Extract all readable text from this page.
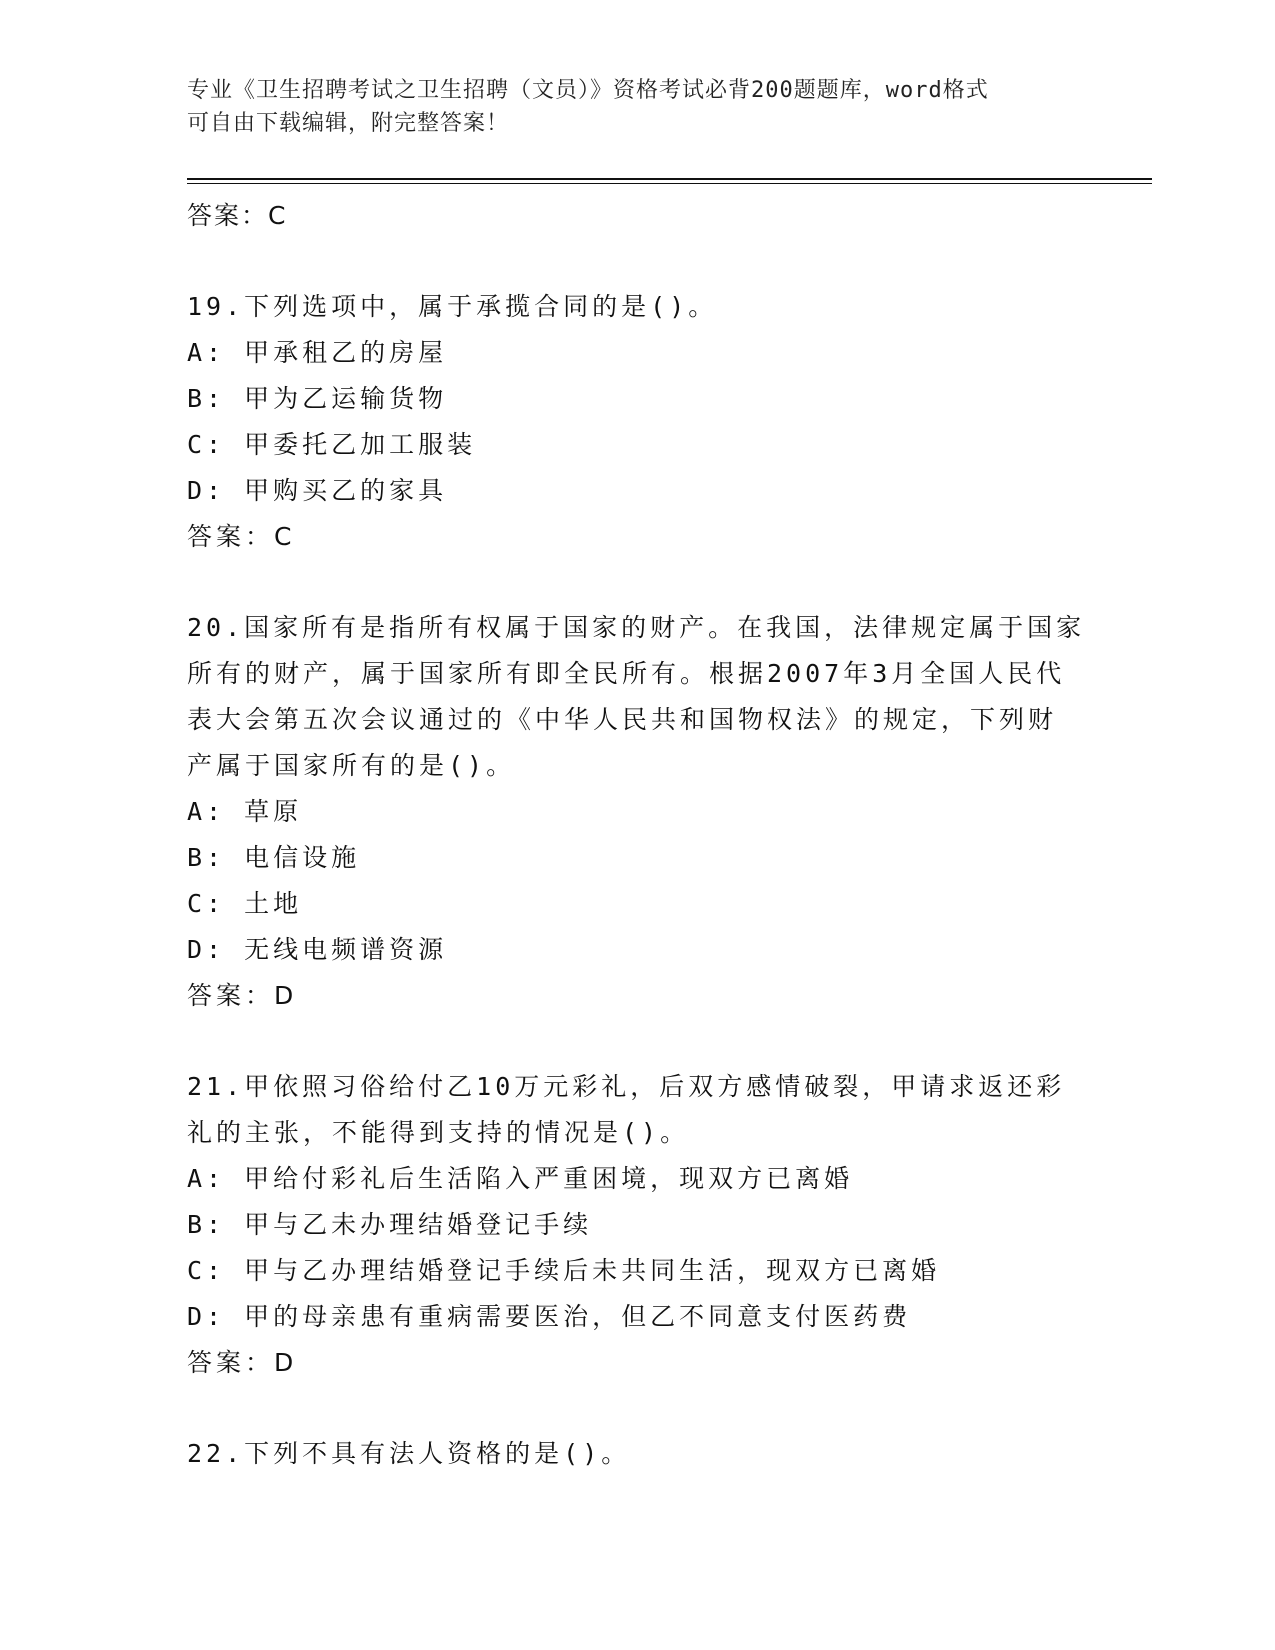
专业《卫生招聘考试之卫生招聘（文员）》资格考试必背200题题库，word格式
可自由下载编辑，附完整答案！
答案：C
19.下列选项中，属于承揽合同的是()。
A: 甲承租乙的房屋
B: 甲为乙运输货物
C: 甲委托乙加工服装
D: 甲购买乙的家具
答案：C
20.国家所有是指所有权属于国家的财产。在我国，法律规定属于国家
所有的财产，属于国家所有即全民所有。根据2007年3月全国人民代
表大会第五次会议通过的《中华人民共和国物权法》的规定，下列财
产属于国家所有的是()。
A: 草原
B: 电信设施
C: 土地
D: 无线电频谱资源
答案：D
21.甲依照习俗给付乙10万元彩礼，后双方感情破裂，甲请求返还彩
礼的主张，不能得到支持的情况是()。
A: 甲给付彩礼后生活陷入严重困境，现双方已离婚
B: 甲与乙未办理结婚登记手续
C: 甲与乙办理结婚登记手续后未共同生活，现双方已离婚
D: 甲的母亲患有重病需要医治，但乙不同意支付医药费
答案：D
22.下列不具有法人资格的是()。
